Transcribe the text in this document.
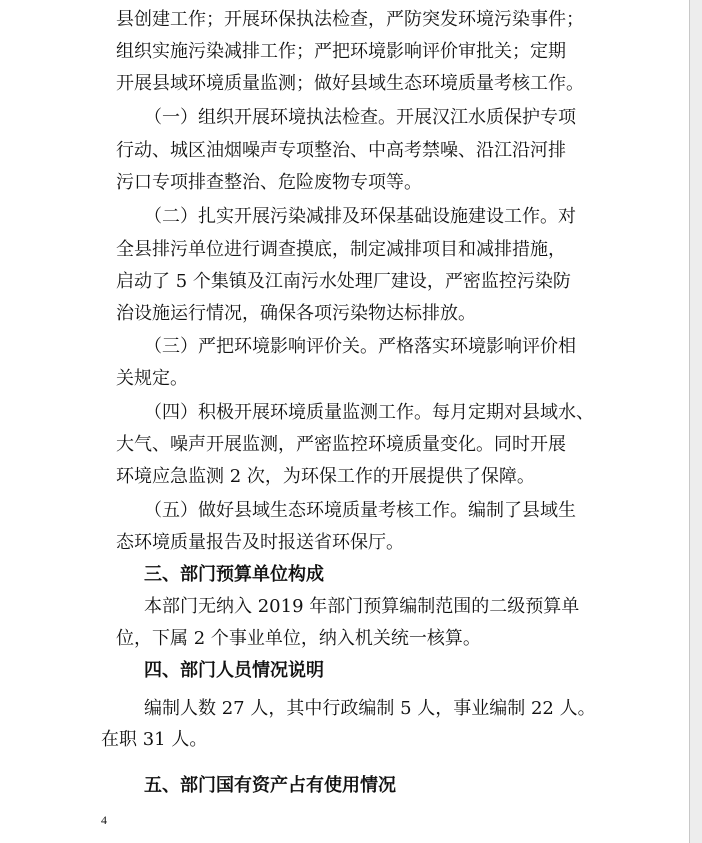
县创建工作；开展环保执法检查，严防突发环境污染事件；
组织实施污染减排工作；严把环境影响评价审批关；定期
开展县域环境质量监测；做好县域生态环境质量考核工作。
（一）组织开展环境执法检查。开展汉江水质保护专项
行动、城区油烟噪声专项整治、中高考禁噪、沿江沿河排
污口专项排查整治、危险废物专项等。
（二）扎实开展污染减排及环保基础设施建设工作。对
全县排污单位进行调查摸底，制定减排项目和减排措施，
启动了 5 个集镇及江南污水处理厂建设，严密监控污染防
治设施运行情况，确保各项污染物达标排放。
（三）严把环境影响评价关。严格落实环境影响评价相
关规定。
（四）积极开展环境质量监测工作。每月定期对县域水、
大气、噪声开展监测，严密监控环境质量变化。同时开展
环境应急监测 2 次，为环保工作的开展提供了保障。
（五）做好县域生态环境质量考核工作。编制了县域生
态环境质量报告及时报送省环保厅。
三、部门预算单位构成
本部门无纳入 2019 年部门预算编制范围的二级预算单
位，下属 2 个事业单位，纳入机关统一核算。
四、部门人员情况说明
编制人数 27 人，其中行政编制 5 人，事业编制 22 人。
在职 31 人。
五、部门国有资产占有使用情况
4
